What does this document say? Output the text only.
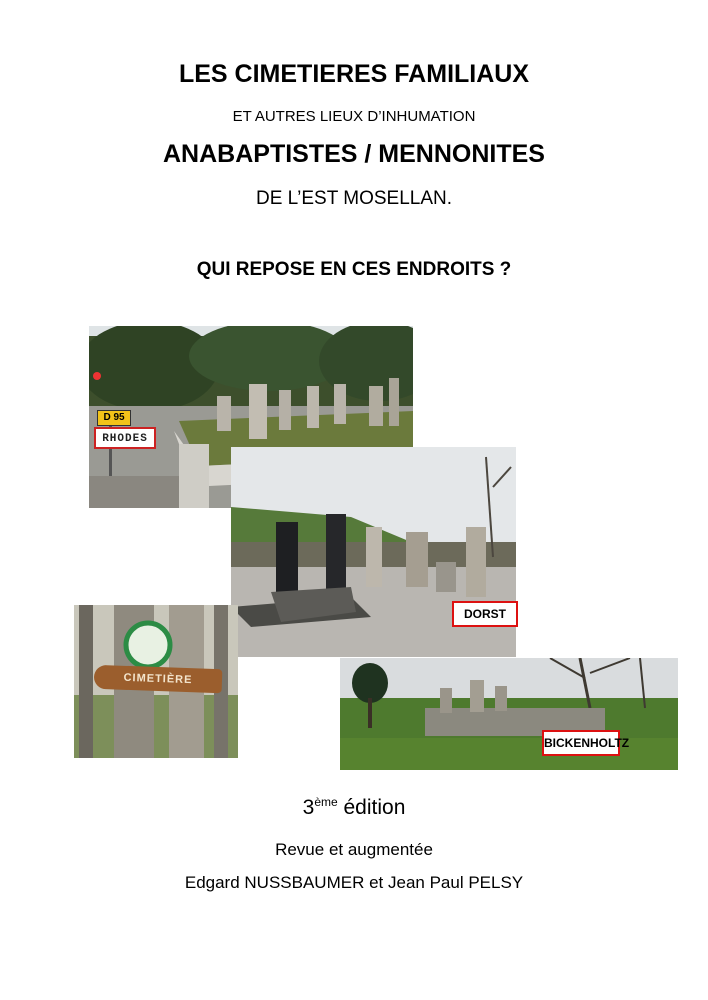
LES CIMETIERES FAMILIAUX
ET AUTRES LIEUX D’INHUMATION
ANABAPTISTES / MENNONITES
DE L’EST MOSELLAN.
QUI REPOSE EN CES ENDROITS ?
D 95
RHODES
CIMETIÈRE
DORST
BICKENHOLTZ
3ème édition
Revue et augmentée
Edgard NUSSBAUMER et Jean Paul PELSY
